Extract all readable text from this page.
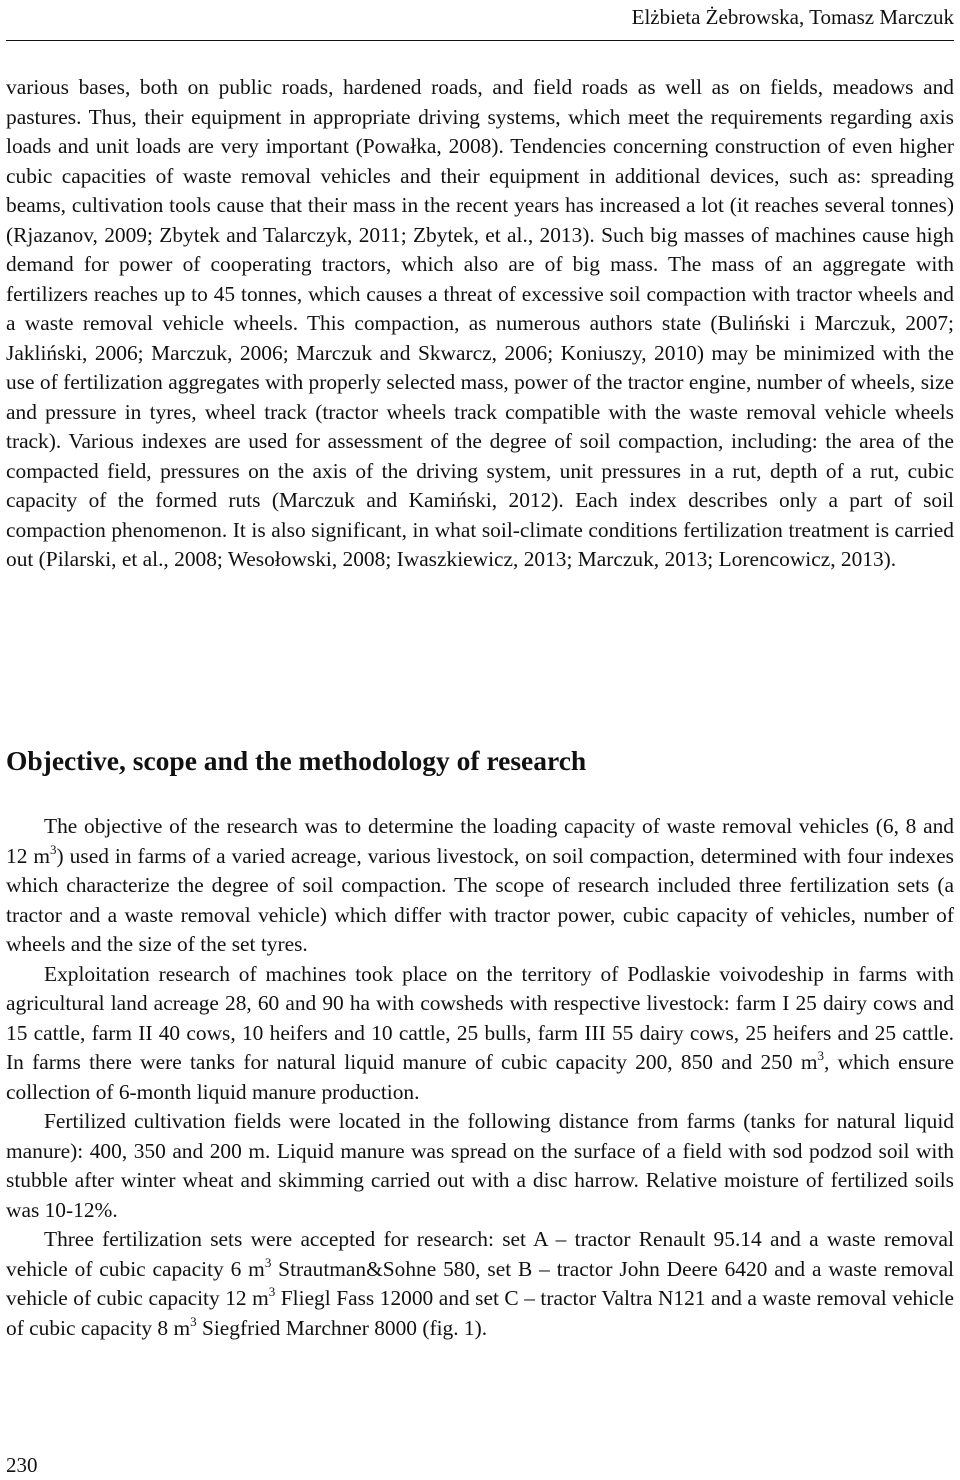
Elżbieta Żebrowska, Tomasz Marczuk

various bases, both on public roads, hardened roads, and field roads as well as on fields, meadows and pastures. Thus, their equipment in appropriate driving systems, which meet the requirements regarding axis loads and unit loads are very important (Powałka, 2008). Tendencies concerning construction of even higher cubic capacities of waste removal vehicles and their equipment in additional devices, such as: spreading beams, cultivation tools cause that their mass in the recent years has increased a lot (it reaches several tonnes) (Rjazanov, 2009; Zbytek and Talarczyk, 2011; Zbytek, et al., 2013). Such big masses of machines cause high demand for power of cooperating tractors, which also are of big mass. The mass of an aggregate with fertilizers reaches up to 45 tonnes, which causes a threat of excessive soil compaction with tractor wheels and a waste removal vehicle wheels. This compaction, as numerous authors state (Buliński i Marczuk, 2007; Jakliński, 2006; Marczuk, 2006; Marczuk and Skwarcz, 2006; Koniuszy, 2010) may be minimized with the use of fertilization aggregates with properly selected mass, power of the tractor engine, number of wheels, size and pressure in tyres, wheel track (tractor wheels track compatible with the waste removal vehicle wheels track). Various indexes are used for assessment of the degree of soil compaction, including: the area of the compacted field, pressures on the axis of the driving system, unit pressures in a rut, depth of a rut, cubic capacity of the formed ruts (Marczuk and Kamiński, 2012). Each index describes only a part of soil compaction phenomenon. It is also significant, in what soil-climate conditions fertilization treatment is carried out (Pilarski, et al., 2008; Wesołowski, 2008; Iwaszkiewicz, 2013; Marczuk, 2013; Lorencowicz, 2013).

Objective, scope and the methodology of research

The objective of the research was to determine the loading capacity of waste removal vehicles (6, 8 and 12 $m^3$) used in farms of a varied acreage, various livestock, on soil compaction, determined with four indexes which characterize the degree of soil compaction. The scope of research included three fertilization sets (a tractor and a waste removal vehicle) which differ with tractor power, cubic capacity of vehicles, number of wheels and the size of the set tyres.

Exploitation research of machines took place on the territory of Podlaskie voivodeship in farms with agricultural land acreage 28, 60 and 90 ha with cowsheds with respective livestock: farm I 25 dairy cows and 15 cattle, farm II 40 cows, 10 heifers and 10 cattle, 25 bulls, farm III 55 dairy cows, 25 heifers and 25 cattle. In farms there were tanks for natural liquid manure of cubic capacity 200, 850 and 250 $m^3$, which ensure collection of 6-month liquid manure production.

Fertilized cultivation fields were located in the following distance from farms (tanks for natural liquid manure): 400, 350 and 200 m. Liquid manure was spread on the surface of a field with sod podzod soil with stubble after winter wheat and skimming carried out with a disc harrow. Relative moisture of fertilized soils was 10-12%.

Three fertilization sets were accepted for research: set A – tractor Renault 95.14 and a waste removal vehicle of cubic capacity 6 $m^3$ Strautman&Sohne 580, set B – tractor John Deere 6420 and a waste removal vehicle of cubic capacity 12 $m^3$ Fliegl Fass 12000 and set C – tractor Valtra N121 and a waste removal vehicle of cubic capacity 8 $m^3$ Siegfried Marchner 8000 (fig. 1).

230
